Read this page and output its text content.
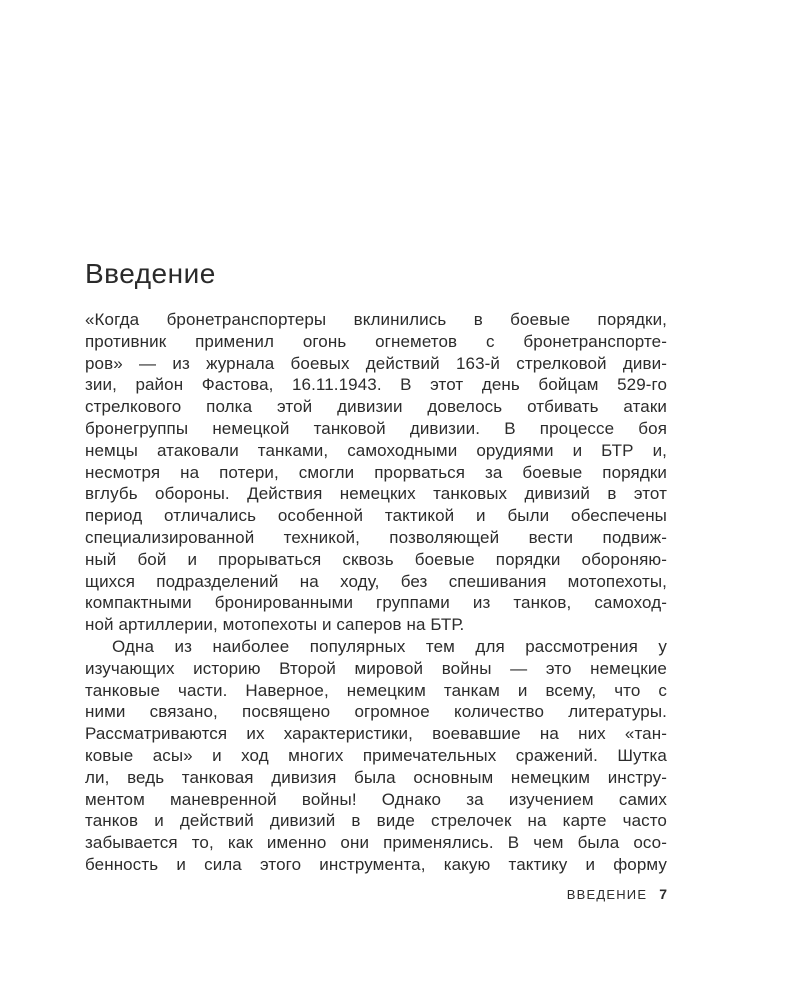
Введение
«Когда бронетранспортеры вклинились в боевые порядки,
противник применил огонь огнеметов с бронетранспорте-
ров» — из журнала боевых действий 163-й стрелковой диви-
зии, район Фастова, 16.11.1943. В этот день бойцам 529-го
стрелкового полка этой дивизии довелось отбивать атаки
бронегруппы немецкой танковой дивизии. В процессе боя
немцы атаковали танками, самоходными орудиями и БТР и,
несмотря на потери, смогли прорваться за боевые порядки
вглубь обороны. Действия немецких танковых дивизий в этот
период отличались особенной тактикой и были обеспечены
специализированной техникой, позволяющей вести подвиж-
ный бой и прорываться сквозь боевые порядки обороняю-
щихся подразделений на ходу, без спешивания мотопехоты,
компактными бронированными группами из танков, самоход-
ной артиллерии, мотопехоты и саперов на БТР.
Одна из наиболее популярных тем для рассмотрения у
изучающих историю Второй мировой войны — это немецкие
танковые части. Наверное, немецким танкам и всему, что с
ними связано, посвящено огромное количество литературы.
Рассматриваются их характеристики, воевавшие на них «тан-
ковые асы» и ход многих примечательных сражений. Шутка
ли, ведь танковая дивизия была основным немецким инстру-
ментом маневренной войны! Однако за изучением самих
танков и действий дивизий в виде стрелочек на карте часто
забывается то, как именно они применялись. В чем была осо-
бенность и сила этого инструмента, какую тактику и форму
ВВЕДЕНИЕ 7
